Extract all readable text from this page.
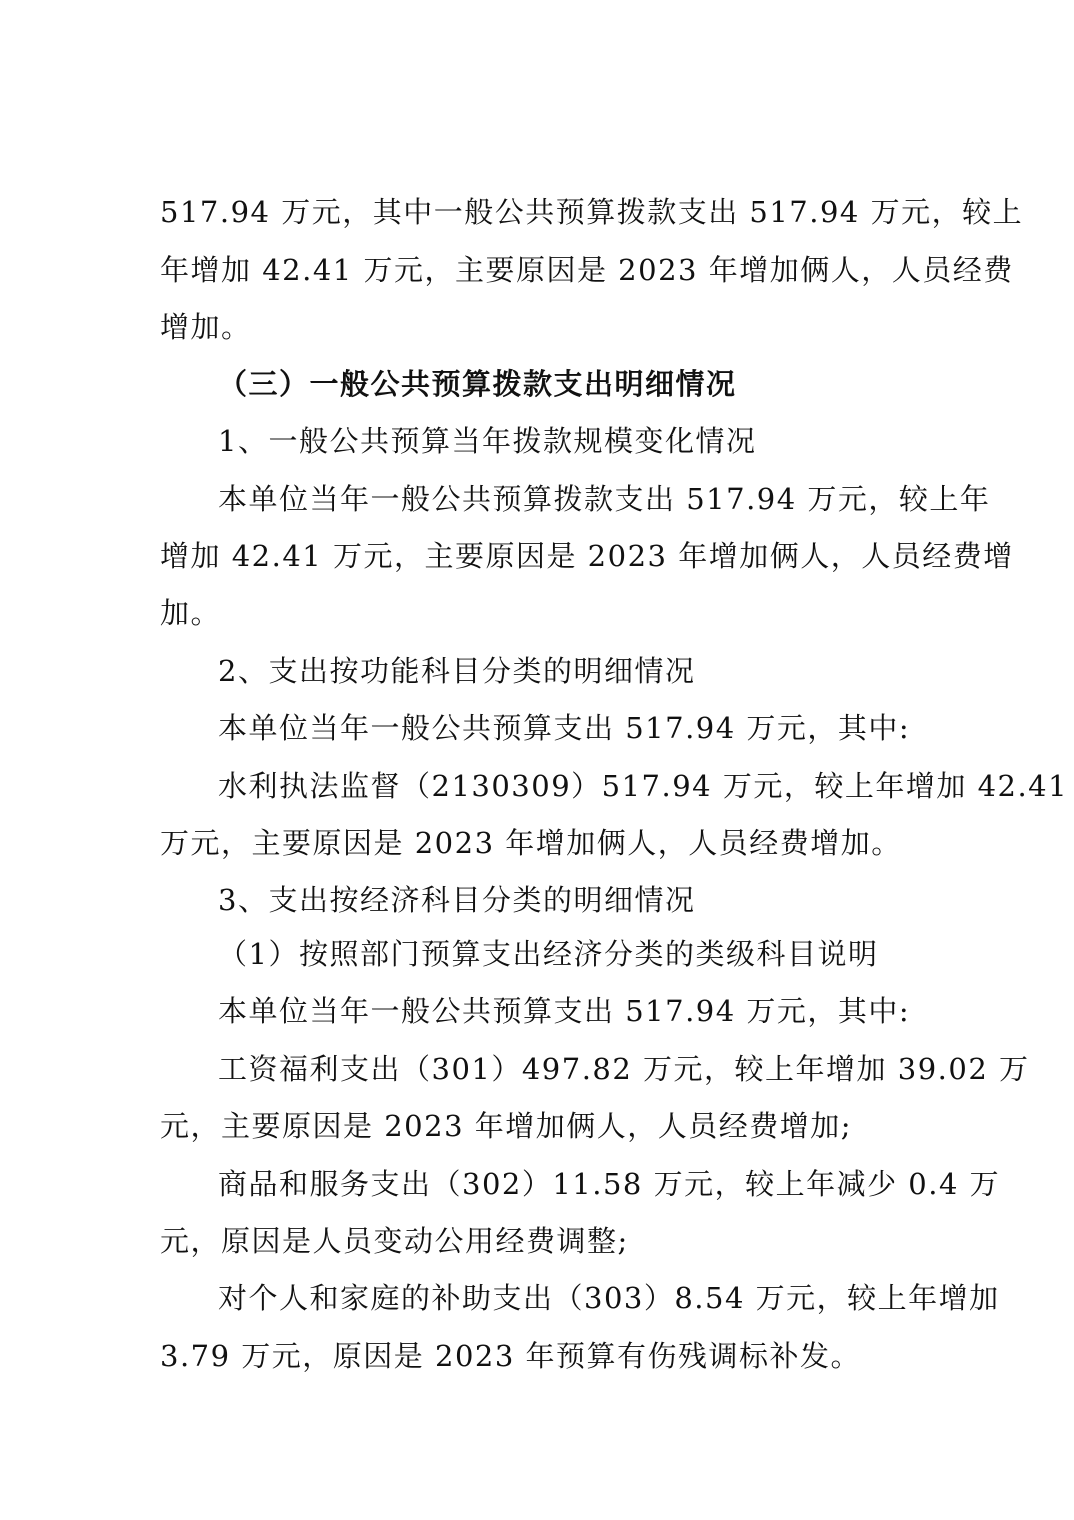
517.94 万元，其中一般公共预算拨款支出 517.94 万元，较上
年增加 42.41 万元，主要原因是 2023 年增加俩人，人员经费
增加。
（三）一般公共预算拨款支出明细情况
1、一般公共预算当年拨款规模变化情况
本单位当年一般公共预算拨款支出 517.94 万元，较上年
增加 42.41 万元，主要原因是 2023 年增加俩人，人员经费增
加。
2、支出按功能科目分类的明细情况
本单位当年一般公共预算支出 517.94 万元，其中:
水利执法监督（2130309）517.94 万元，较上年增加 42.41
万元，主要原因是 2023 年增加俩人，人员经费增加。
3、支出按经济科目分类的明细情况
（1）按照部门预算支出经济分类的类级科目说明
本单位当年一般公共预算支出 517.94 万元，其中:
工资福利支出（301）497.82 万元，较上年增加 39.02 万
元，主要原因是 2023 年增加俩人，人员经费增加;
商品和服务支出（302）11.58 万元，较上年减少 0.4 万
元，原因是人员变动公用经费调整;
对个人和家庭的补助支出（303）8.54 万元，较上年增加
3.79 万元，原因是 2023 年预算有伤残调标补发。
